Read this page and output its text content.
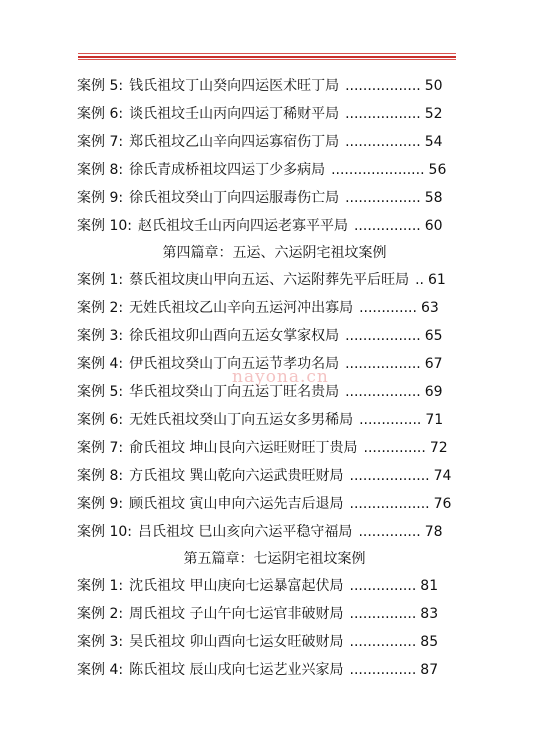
nayona.cn
案例 5: 钱氏祖坟丁山癸向四运医术旺丁局 ................. 50
案例 6: 谈氏祖坟壬山丙向四运丁稀财平局 ................. 52
案例 7: 郑氏祖坟乙山辛向四运寡宿伤丁局 ................. 54
案例 8: 徐氏青成桥祖坟四运丁少多病局 ..................... 56
案例 9: 徐氏祖坟癸山丁向四运服毒伤亡局 ................. 58
案例 10: 赵氏祖坟壬山丙向四运老寡平平局 ............... 60
第四篇章：五运、六运阴宅祖坟案例
案例 1: 蔡氏祖坟庚山甲向五运、六运附葬先平后旺局 .. 61
案例 2: 无姓氏祖坟乙山辛向五运河冲出寡局 ............. 63
案例 3: 徐氏祖坟卯山酉向五运女掌家权局 ................. 65
案例 4: 伊氏祖坟癸山丁向五运节孝功名局 ................. 67
案例 5: 华氏祖坟癸山丁向五运丁旺名贵局 ................. 69
案例 6: 无姓氏祖坟癸山丁向五运女多男稀局 .............. 71
案例 7: 俞氏祖坟 坤山艮向六运旺财旺丁贵局 .............. 72
案例 8: 方氏祖坟 巽山乾向六运武贵旺财局 .................. 74
案例 9: 顾氏祖坟 寅山申向六运先吉后退局 .................. 76
案例 10: 吕氏祖坟 巳山亥向六运平稳守福局 .............. 78
第五篇章：七运阴宅祖坟案例
案例 1: 沈氏祖坟 甲山庚向七运暴富起伏局 ............... 81
案例 2: 周氏祖坟 子山午向七运官非破财局 ............... 83
案例 3: 吴氏祖坟 卯山酉向七运女旺破财局 ............... 85
案例 4: 陈氏祖坟 辰山戌向七运艺业兴家局 ............... 87
